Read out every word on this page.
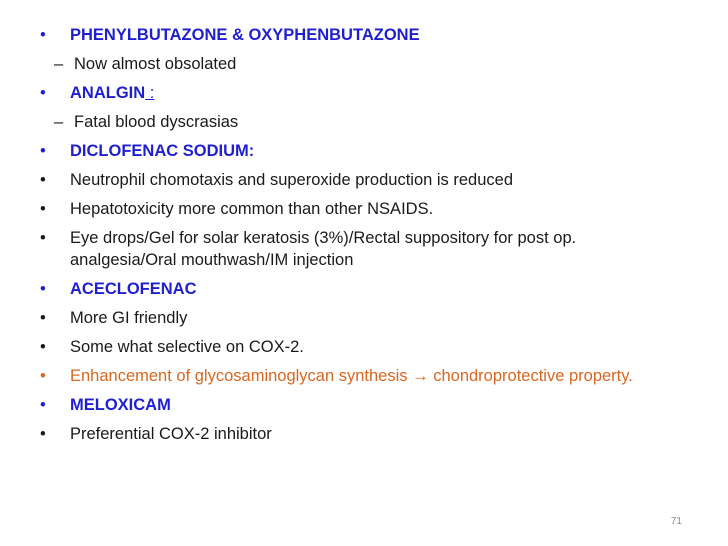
•	PHENYLBUTAZONE & OXYPHENBUTAZONE
– Now almost obsolated
•	ANALGIN :
– Fatal blood dyscrasias
•	DICLOFENAC SODIUM:
•	Neutrophil chomotaxis and superoxide production is reduced
•	Hepatotoxicity more common than other NSAIDS.
•	Eye drops/Gel for solar keratosis (3%)/Rectal suppository for post op. analgesia/Oral mouthwash/IM injection
•	ACECLOFENAC
•	More GI friendly
•	Some what selective on COX-2.
•	Enhancement of glycosaminoglycan synthesis → chondroprotective property.
•	MELOXICAM
•	Preferential COX-2 inhibitor
71
